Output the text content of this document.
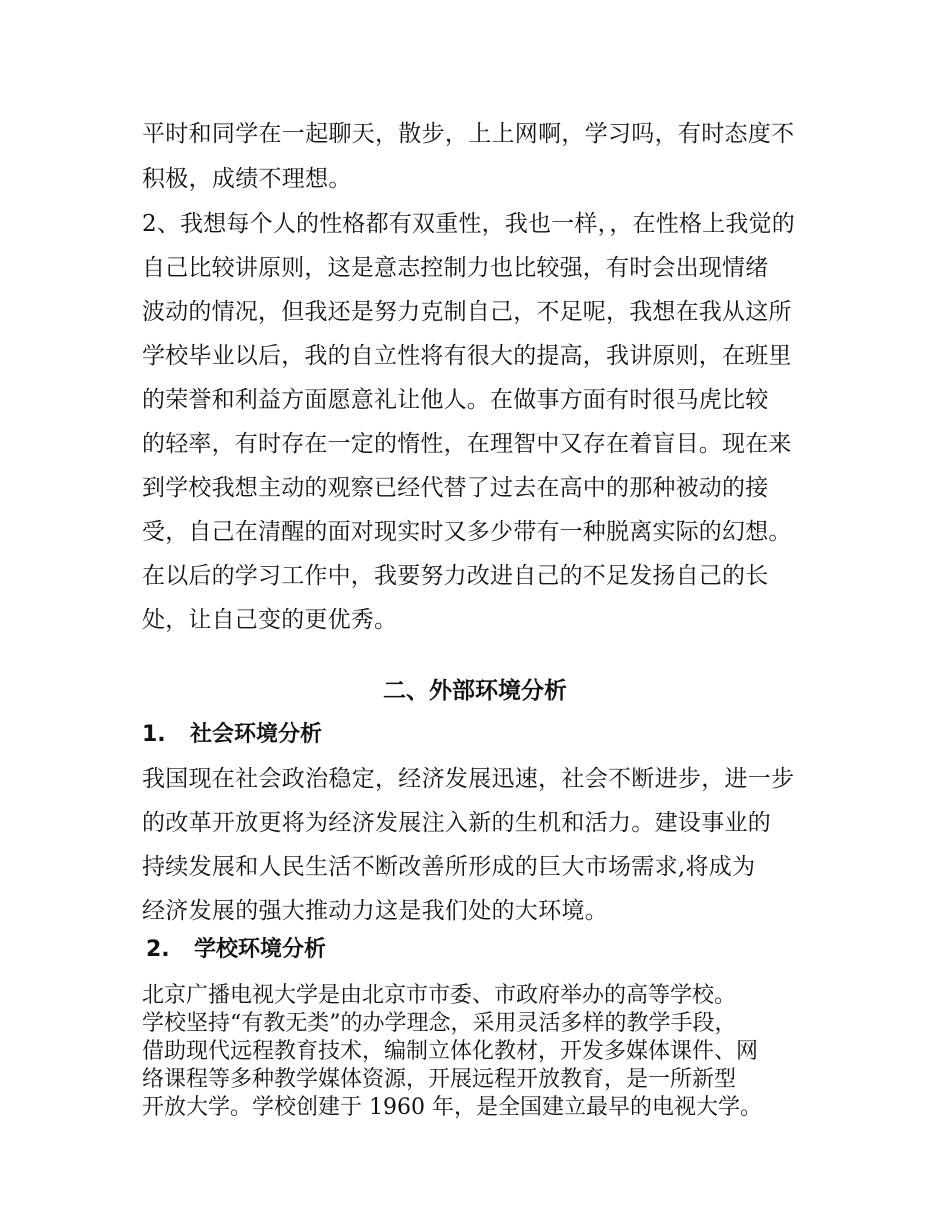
平时和同学在一起聊天，散步，上上网啊，学习吗，有时态度不
积极，成绩不理想。
2、我想每个人的性格都有双重性，我也一样，，在性格上我觉的
自己比较讲原则，这是意志控制力也比较强，有时会出现情绪
波动的情况，但我还是努力克制自己，不足呢，我想在我从这所
学校毕业以后，我的自立性将有很大的提高，我讲原则，在班里
的荣誉和利益方面愿意礼让他人。在做事方面有时很马虎比较
的轻率，有时存在一定的惰性，在理智中又存在着盲目。现在来
到学校我想主动的观察已经代替了过去在高中的那种被动的接
受，自己在清醒的面对现实时又多少带有一种脱离实际的幻想。
在以后的学习工作中，我要努力改进自己的不足发扬自己的长
处，让自己变的更优秀。
二、外部环境分析
1. 社会环境分析
我国现在社会政治稳定，经济发展迅速，社会不断进步，进一步
的改革开放更将为经济发展注入新的生机和活力。建设事业的
持续发展和人民生活不断改善所形成的巨大市场需求,将成为
经济发展的强大推动力这是我们处的大环境。
2. 学校环境分析
北京广播电视大学是由北京市市委、市政府举办的高等学校。
学校坚持“有教无类”的办学理念，采用灵活多样的教学手段，
借助现代远程教育技术，编制立体化教材，开发多媒体课件、网
络课程等多种教学媒体资源，开展远程开放教育，是一所新型
开放大学。学校创建于 1960 年，是全国建立最早的电视大学。
